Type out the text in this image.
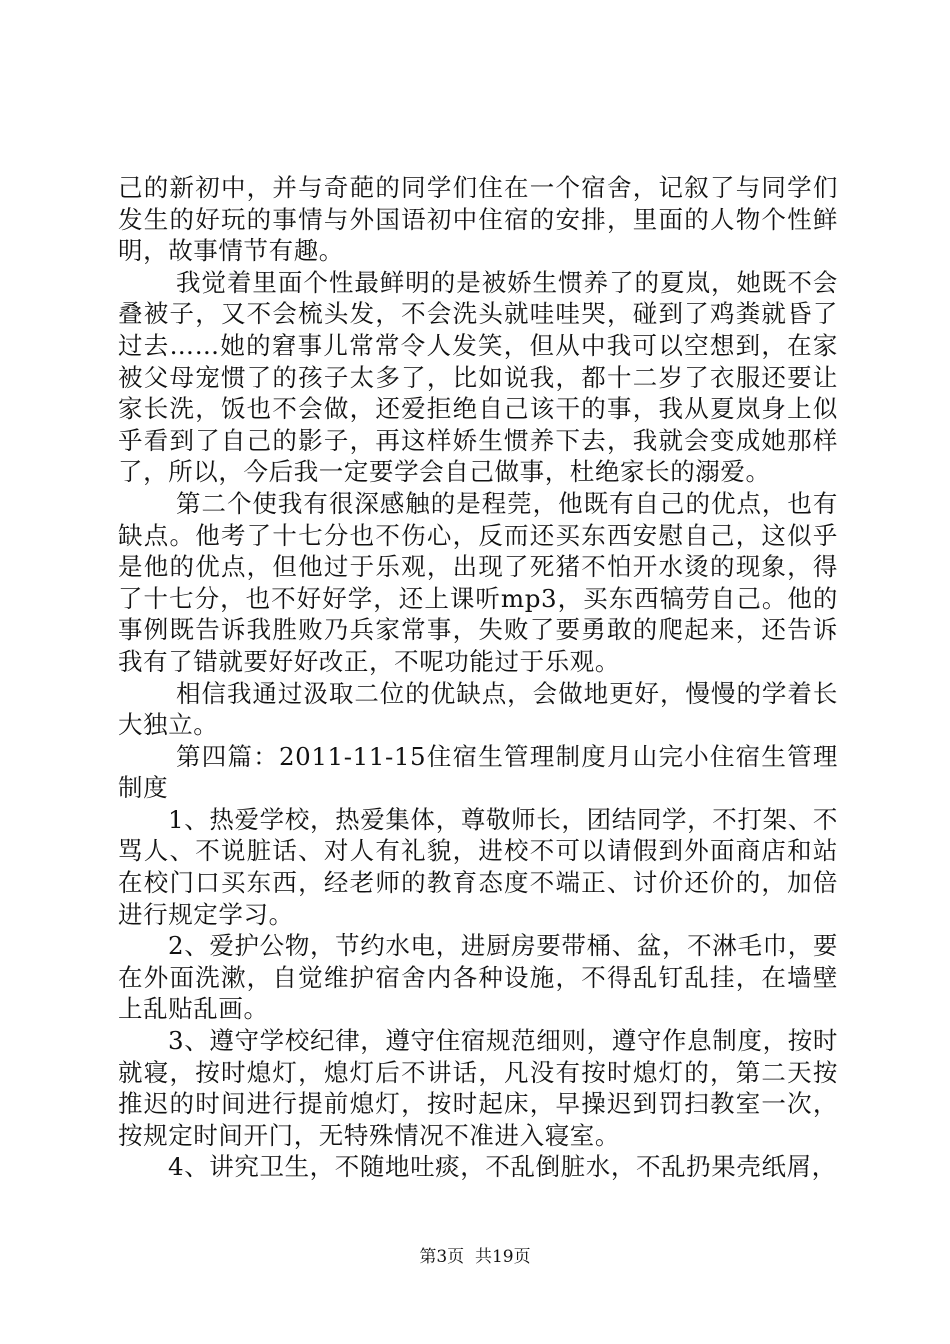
己的新初中，并与奇葩的同学们住在一个宿舍，记叙了与同学们发生的好玩的事情与外国语初中住宿的安排，里面的人物个性鲜明，故事情节有趣。

我觉着里面个性最鲜明的是被娇生惯养了的夏岚，她既不会叠被子，又不会梳头发，不会洗头就哇哇哭，碰到了鸡粪就昏了过去……她的窘事儿常常令人发笑，但从中我可以空想到，在家被父母宠惯了的孩子太多了，比如说我，都十二岁了衣服还要让家长洗，饭也不会做，还爱拒绝自己该干的事，我从夏岚身上似乎看到了自己的影子，再这样娇生惯养下去，我就会变成她那样了，所以，今后我一定要学会自己做事，杜绝家长的溺爱。

第二个使我有很深感触的是程莞，他既有自己的优点，也有缺点。他考了十七分也不伤心，反而还买东西安慰自己，这似乎是他的优点，但他过于乐观，出现了死猪不怕开水烫的现象，得了十七分，也不好好学，还上课听mp3，买东西犒劳自己。他的事例既告诉我胜败乃兵家常事，失败了要勇敢的爬起来，还告诉我有了错就要好好改正，不呢功能过于乐观。

相信我通过汲取二位的优缺点，会做地更好，慢慢的学着长大独立。

第四篇：2011-11-15住宿生管理制度月山完小住宿生管理制度

1、热爱学校，热爱集体，尊敬师长，团结同学，不打架、不骂人、不说脏话、对人有礼貌，进校不可以请假到外面商店和站在校门口买东西，经老师的教育态度不端正、讨价还价的，加倍进行规定学习。

2、爱护公物，节约水电，进厨房要带桶、盆，不淋毛巾，要在外面洗漱，自觉维护宿舍内各种设施，不得乱钉乱挂，在墙壁上乱贴乱画。

3、遵守学校纪律，遵守住宿规范细则，遵守作息制度，按时就寝，按时熄灯，熄灯后不讲话，凡没有按时熄灯的，第二天按推迟的时间进行提前熄灯，按时起床，早操迟到罚扫教室一次，按规定时间开门，无特殊情况不准进入寝室。

4、讲究卫生，不随地吐痰，不乱倒脏水，不乱扔果壳纸屑，

第3页  共19页
